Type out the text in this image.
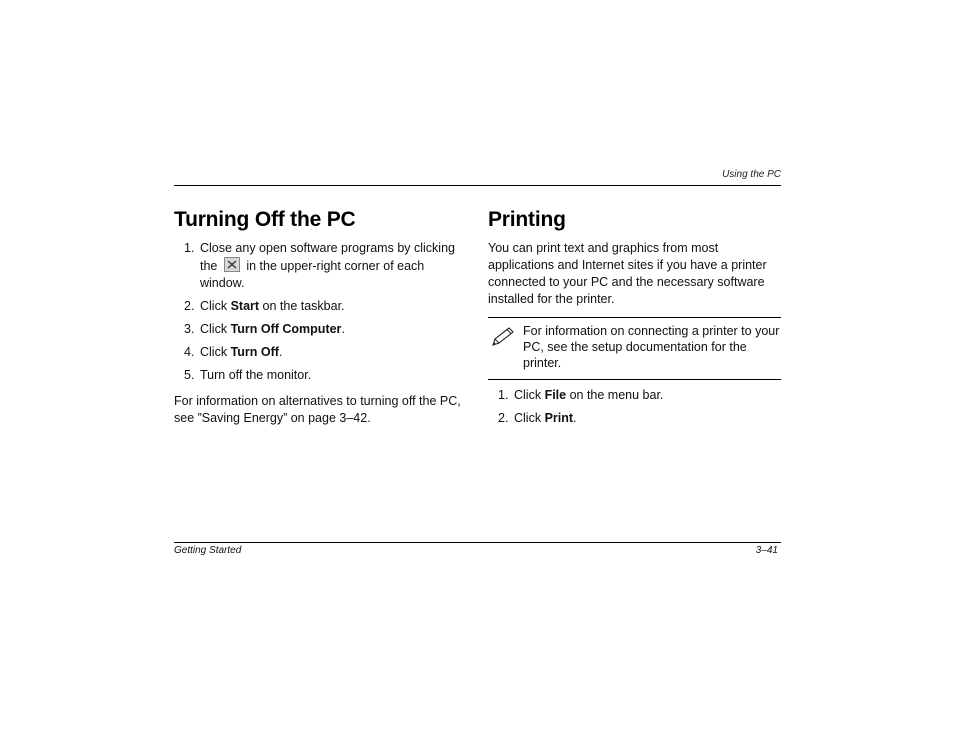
Using the PC
Turning Off the PC
1. Close any open software programs by clicking the in the upper-right corner of each window.
2. Click Start on the taskbar.
3. Click Turn Off Computer.
4. Click Turn Off.
5. Turn off the monitor.

For information on alternatives to turning off the PC, see ”Saving Energy” on page 3–42.

Printing

You can print text and graphics from most applications and Internet sites if you have a printer connected to your PC and the necessary software installed for the printer.

For information on connecting a printer to your PC, see the setup documentation for the printer.
1. Click File on the menu bar.
2. Click Print.
Getting Started	3–41
